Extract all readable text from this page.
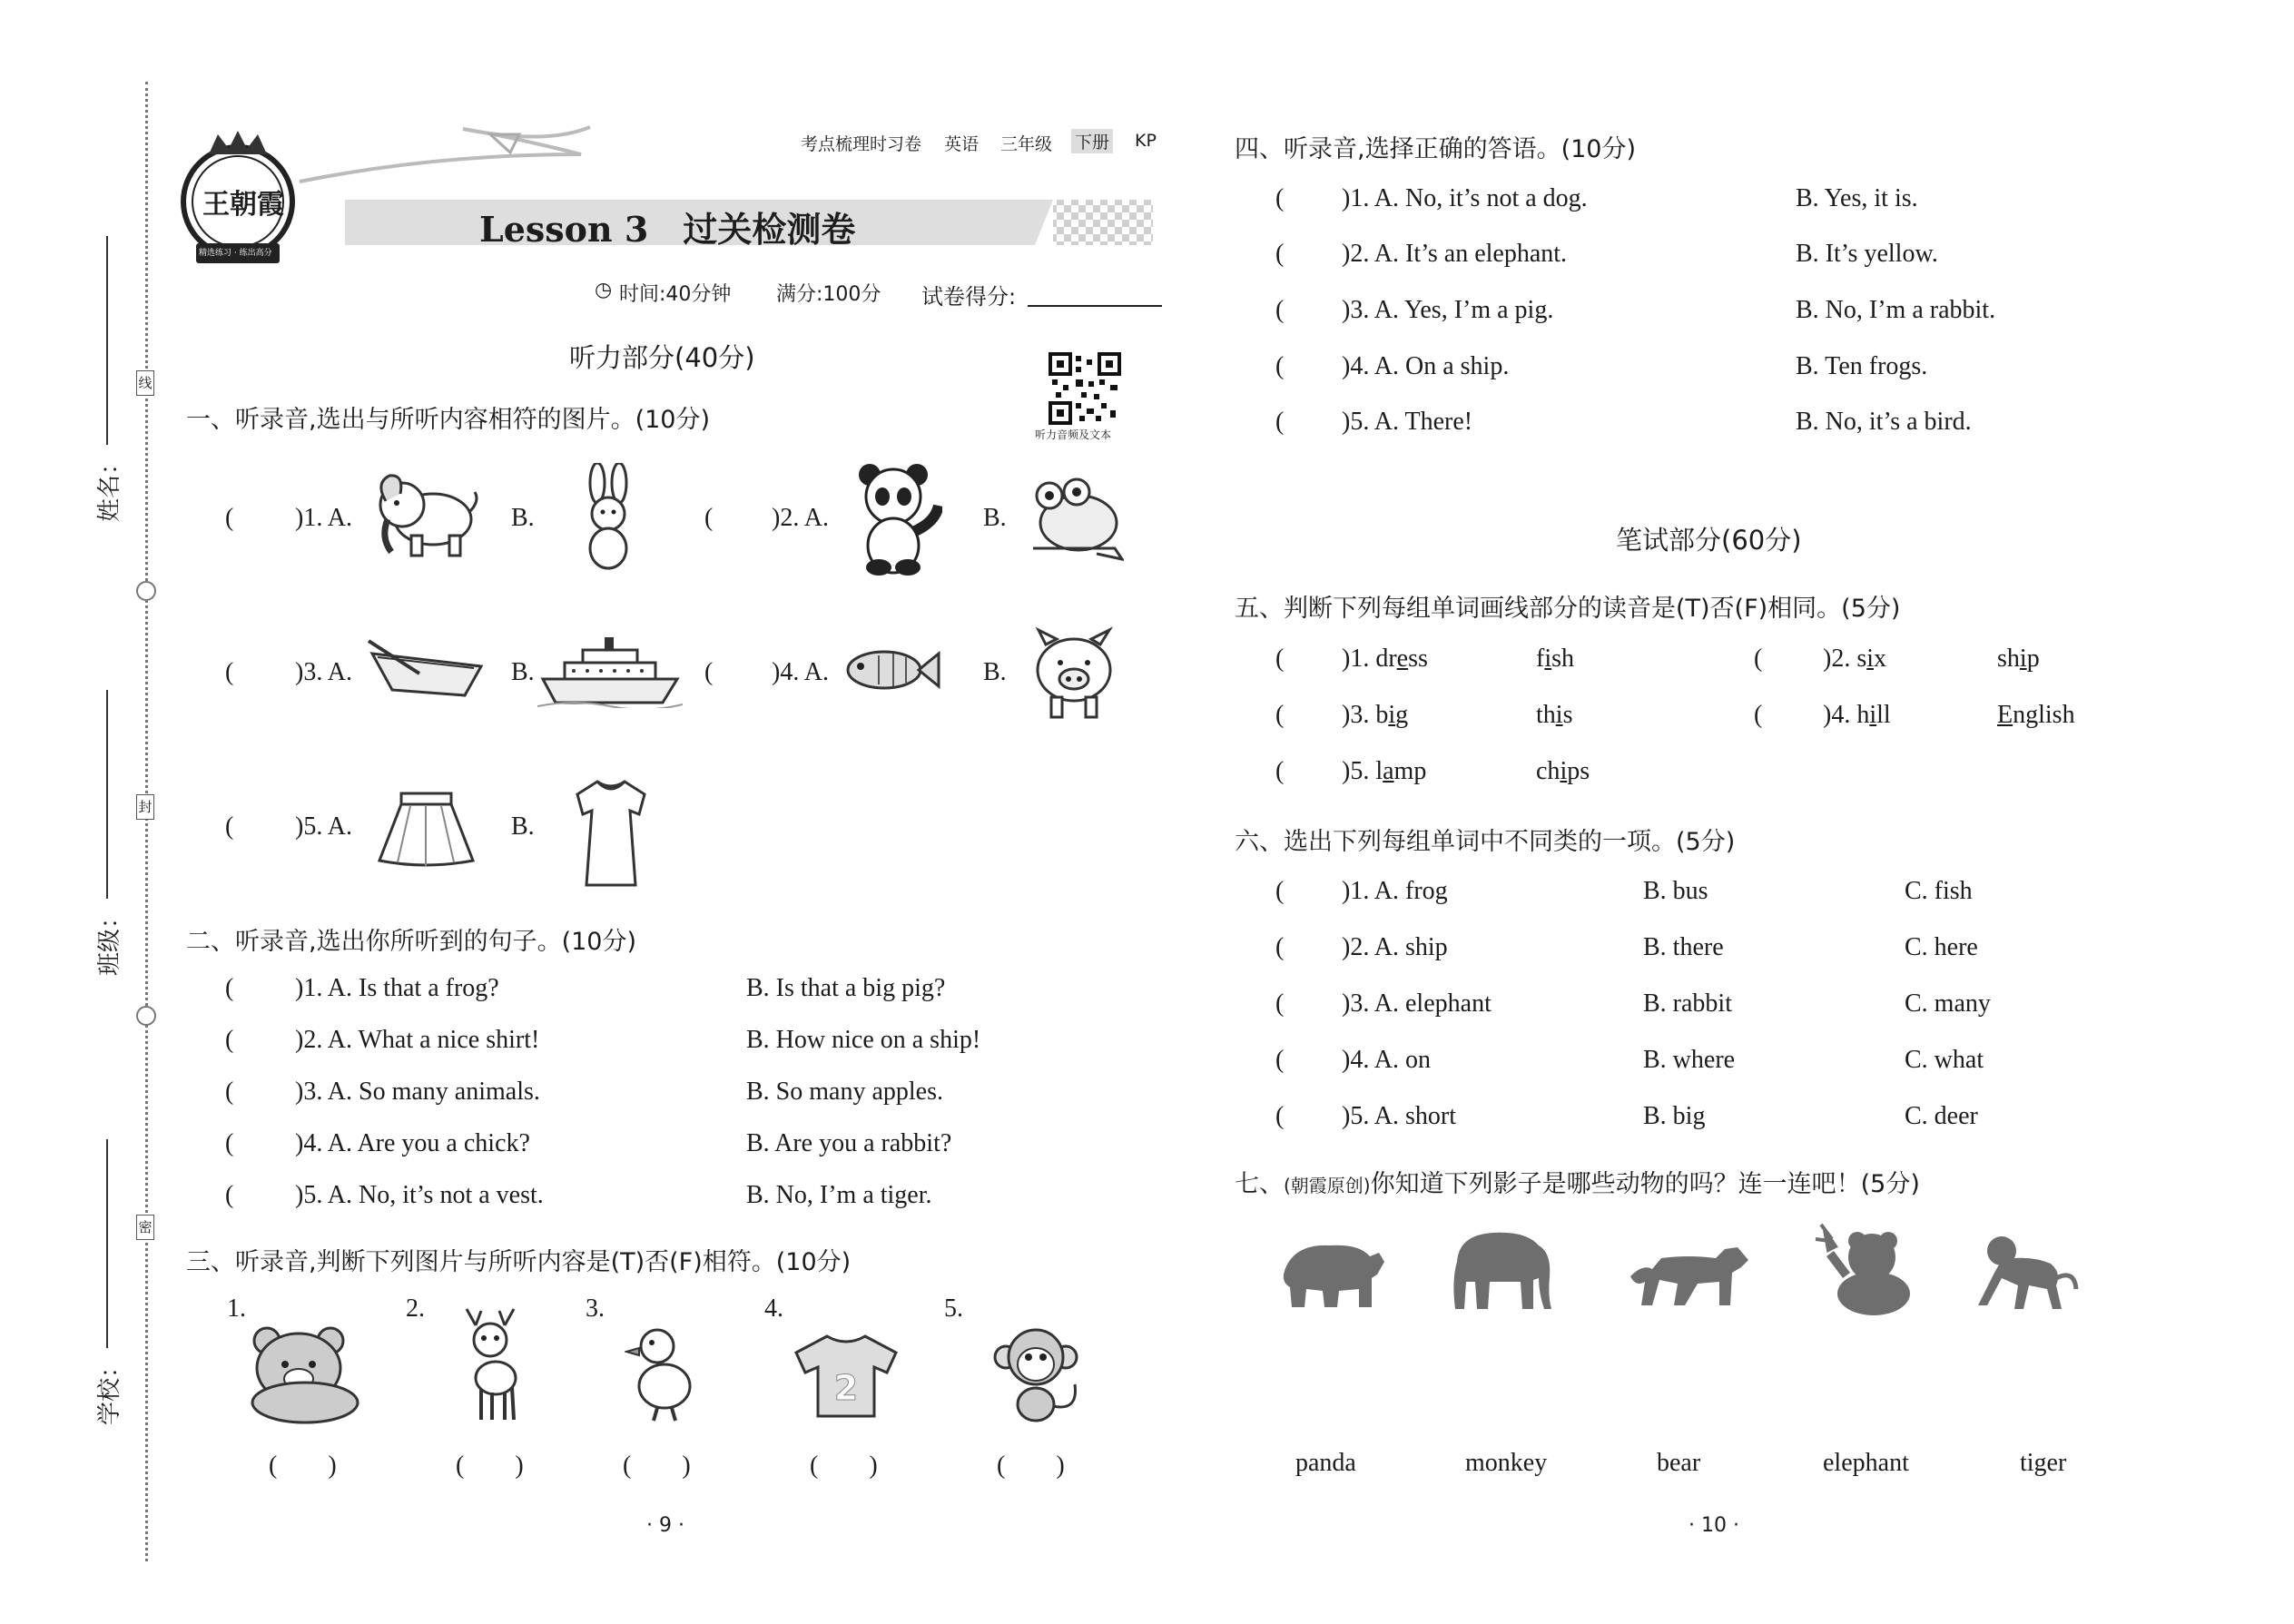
线
封
密
姓名：
班级：
学校：
王朝霞
精选练习 · 练出高分
考点梳理时习卷 英语 三年级 下册 KP
Lesson 3　过关检测卷
◷ 时间:40分钟 满分:100分 试卷得分:
听力部分(40分)
听力音频及文本
一、听录音,选出与所听内容相符的图片。(10分)
( )1. A.	B.	( )2. A.	B.
( )3. A.	B.	( )4. A.	B.
( )5. A.	B.
二、听录音,选出你所听到的句子。(10分)
( )1. A. Is that a frog?	B. Is that a big pig?
( )2. A. What a nice shirt!	B. How nice on a ship!
( )3. A. So many animals.	B. So many apples.
( )4. A. Are you a chick?	B. Are you a rabbit?
( )5. A. No, it’s not a vest.	B. No, I’m a tiger.
三、听录音,判断下列图片与所听内容是(T)否(F)相符。(10分)
1.	2.	3.	4.	5.
2
(　　)	(　　)	(　　)	(　　)	(　　)
· 9 ·
四、听录音,选择正确的答语。(10分)
( )1. A. No, it’s not a dog.	B. Yes, it is.
( )2. A. It’s an elephant.	B. It’s yellow.
( )3. A. Yes, I’m a pig.	B. No, I’m a rabbit.
( )4. A. On a ship.	B. Ten frogs.
( )5. A. There!	B. No, it’s a bird.
笔试部分(60分)
五、判断下列每组单词画线部分的读音是(T)否(F)相同。(5分)
( )1. dress	fish	( )2. six	ship
( )3. big	this	( )4. hill	English
( )5. lamp	chips
六、选出下列每组单词中不同类的一项。(5分)
( )1. A. frog	B. bus	C. fish
( )2. A. ship	B. there	C. here
( )3. A. elephant	B. rabbit	C. many
( )4. A. on	B. where	C. what
( )5. A. short	B. big	C. deer
七、(朝霞原创)你知道下列影子是哪些动物的吗？连一连吧！(5分)
panda	monkey	bear	elephant	tiger
· 10 ·
